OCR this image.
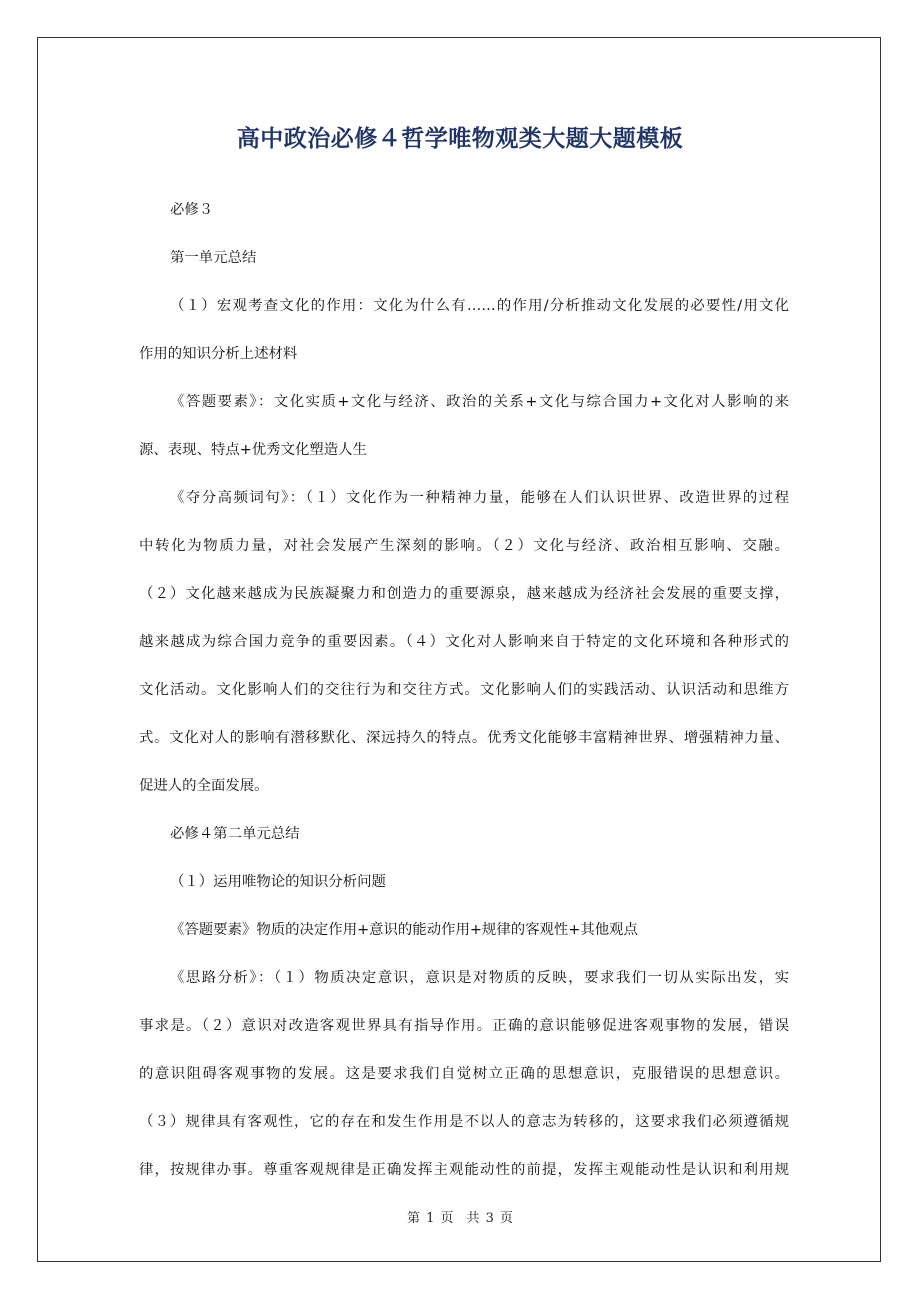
高中政治必修４哲学唯物观类大题大题模板
必修３
第一单元总结
（１）宏观考查文化的作用：文化为什么有……的作用/分析推动文化发展的必要性/用文化
作用的知识分析上述材料
《答题要素》：文化实质+文化与经济、政治的关系+文化与综合国力+文化对人影响的来
源、表现、特点+优秀文化塑造人生
《夺分高频词句》：（１）文化作为一种精神力量，能够在人们认识世界、改造世界的过程
中转化为物质力量，对社会发展产生深刻的影响。（２）文化与经济、政治相互影响、交融。
（２）文化越来越成为民族凝聚力和创造力的重要源泉，越来越成为经济社会发展的重要支撑，
越来越成为综合国力竞争的重要因素。（４）文化对人影响来自于特定的文化环境和各种形式的
文化活动。文化影响人们的交往行为和交往方式。文化影响人们的实践活动、认识活动和思维方
式。文化对人的影响有潜移默化、深远持久的特点。优秀文化能够丰富精神世界、增强精神力量、
促进人的全面发展。
必修４第二单元总结
（１）运用唯物论的知识分析问题
《答题要素》物质的决定作用+意识的能动作用+规律的客观性+其他观点
《思路分析》：（１）物质决定意识，意识是对物质的反映，要求我们一切从实际出发，实
事求是。（２）意识对改造客观世界具有指导作用。正确的意识能够促进客观事物的发展，错误
的意识阻碍客观事物的发展。这是要求我们自觉树立正确的思想意识，克服错误的思想意识。
（３）规律具有客观性，它的存在和发生作用是不以人的意志为转移的，这要求我们必须遵循规
律，按规律办事。尊重客观规律是正确发挥主观能动性的前提，发挥主观能动性是认识和利用规
第 1 页　共 3 页
